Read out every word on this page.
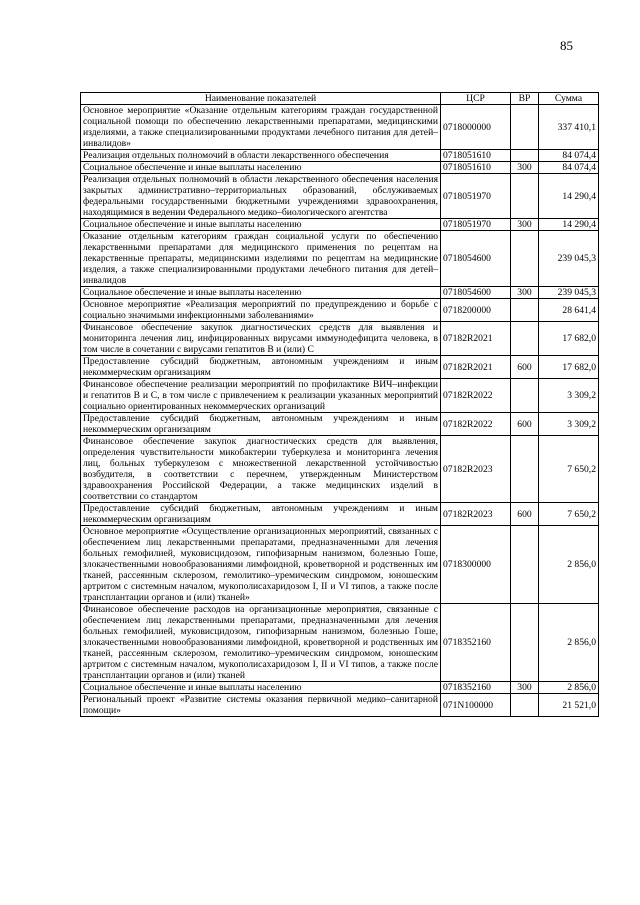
85
Наименование показателей	ЦСР	ВР	Сумма
Основное мероприятие «Оказание отдельным категориям граждан государственной социальной помощи по обеспечению лекарственными препаратами, медицинскими изделиями, а также специализированными продуктами лечебного питания для детей–инвалидов»	0718000000		337 410,1
Реализация отдельных полномочий в области лекарственного обеспечения	0718051610		84 074,4
Социальное обеспечение и иные выплаты населению	0718051610	300	84 074,4
Реализация отдельных полномочий в области лекарственного обеспечения населения закрытых административно–территориальных образований, обслуживаемых федеральными государственными бюджетными учреждениями здравоохранения, находящимися в ведении Федерального медико–биологического агентства	0718051970		14 290,4
Социальное обеспечение и иные выплаты населению	0718051970	300	14 290,4
Оказание отдельным категориям граждан социальной услуги по обеспечению лекарственными препаратами для медицинского применения по рецептам на лекарственные препараты, медицинскими изделиями по рецептам на медицинские изделия, а также специализированными продуктами лечебного питания для детей–инвалидов	0718054600		239 045,3
Социальное обеспечение и иные выплаты населению	0718054600	300	239 045,3
Основное мероприятие «Реализация мероприятий по предупреждению и борьбе с социально значимыми инфекционными заболеваниями»	0718200000		28 641,4
Финансовое обеспечение закупок диагностических средств для выявления и мониторинга лечения лиц, инфицированных вирусами иммунодефицита человека, в том числе в сочетании с вирусами гепатитов В и (или) С	07182R2021		17 682,0
Предоставление субсидий бюджетным, автономным учреждениям и иным некоммерческим организациям	07182R2021	600	17 682,0
Финансовое обеспечение реализации мероприятий по профилактике ВИЧ–инфекции и гепатитов В и С, в том числе с привлечением к реализации указанных мероприятий социально ориентированных некоммерческих организаций	07182R2022		3 309,2
Предоставление субсидий бюджетным, автономным учреждениям и иным некоммерческим организациям	07182R2022	600	3 309,2
Финансовое обеспечение закупок диагностических средств для выявления, определения чувствительности микобактерии туберкулеза и мониторинга лечения лиц, больных туберкулезом с множественной лекарственной устойчивостью возбудителя, в соответствии с перечнем, утвержденным Министерством здравоохранения Российской Федерации, а также медицинских изделий в соответствии со стандартом	07182R2023		7 650,2
Предоставление субсидий бюджетным, автономным учреждениям и иным некоммерческим организациям	07182R2023	600	7 650,2
Основное мероприятие «Осуществление организационных мероприятий, связанных с обеспечением лиц лекарственными препаратами, предназначенными для лечения больных гемофилией, муковисцидозом, гипофизарным нанизмом, болезнью Гоше, злокачественными новообразованиями лимфоидной, кроветворной и родственных им тканей, рассеянным склерозом, гемолитико–уремическим синдромом, юношеским артритом с системным началом, мукополисахаридозом I, II и VI типов, а также после трансплантации органов и (или) тканей»	0718300000		2 856,0
Финансовое обеспечение расходов на организационные мероприятия, связанные с обеспечением лиц лекарственными препаратами, предназначенными для лечения больных гемофилией, муковисцидозом, гипофизарным нанизмом, болезнью Гоше, злокачественными новообразованиями лимфоидной, кроветворной и родственных им тканей, рассеянным склерозом, гемолитико–уремическим синдромом, юношеским артритом с системным началом, мукополисахаридозом I, II и VI типов, а также после трансплантации органов и (или) тканей	0718352160		2 856,0
Социальное обеспечение и иные выплаты населению	0718352160	300	2 856,0
Региональный проект «Развитие системы оказания первичной медико–санитарной помощи»	071N100000		21 521,0
